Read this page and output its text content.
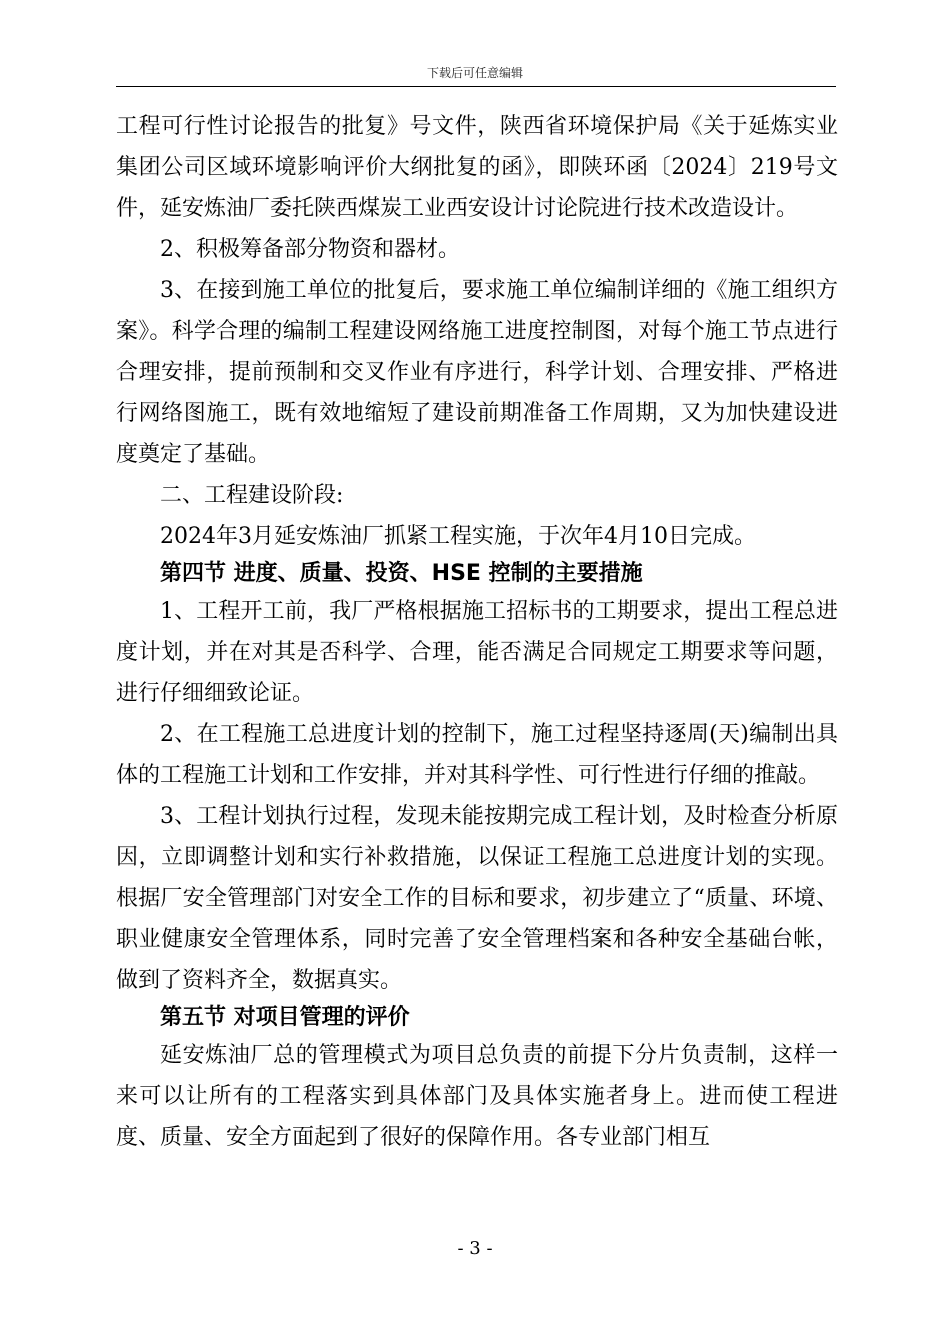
下载后可任意编辑

工程可行性讨论报告的批复》号文件，陕西省环境保护局《关于延炼实业集团公司区域环境影响评价大纲批复的函》，即陕环函〔2024〕219号文件，延安炼油厂委托陕西煤炭工业西安设计讨论院进行技术改造设计。

2、积极筹备部分物资和器材。

3、在接到施工单位的批复后，要求施工单位编制详细的《施工组织方案》。科学合理的编制工程建设网络施工进度控制图，对每个施工节点进行合理安排，提前预制和交叉作业有序进行，科学计划、合理安排、严格进行网络图施工，既有效地缩短了建设前期准备工作周期，又为加快建设进度奠定了基础。

二、工程建设阶段:

2024年3月延安炼油厂抓紧工程实施，于次年4月10日完成。

第四节 进度、质量、投资、HSE 控制的主要措施

1、工程开工前，我厂严格根据施工招标书的工期要求，提出工程总进度计划，并在对其是否科学、合理，能否满足合同规定工期要求等问题，进行仔细细致论证。

2、在工程施工总进度计划的控制下，施工过程坚持逐周(天)编制出具体的工程施工计划和工作安排，并对其科学性、可行性进行仔细的推敲。

3、工程计划执行过程，发现未能按期完成工程计划，及时检查分析原因，立即调整计划和实行补救措施，以保证工程施工总进度计划的实现。根据厂安全管理部门对安全工作的目标和要求，初步建立了“质量、环境、职业健康安全管理体系，同时完善了安全管理档案和各种安全基础台帐，做到了资料齐全，数据真实。

第五节 对项目管理的评价

延安炼油厂总的管理模式为项目总负责的前提下分片负责制，这样一来可以让所有的工程落实到具体部门及具体实施者身上。进而使工程进度、质量、安全方面起到了很好的保障作用。各专业部门相互

- 3 -
